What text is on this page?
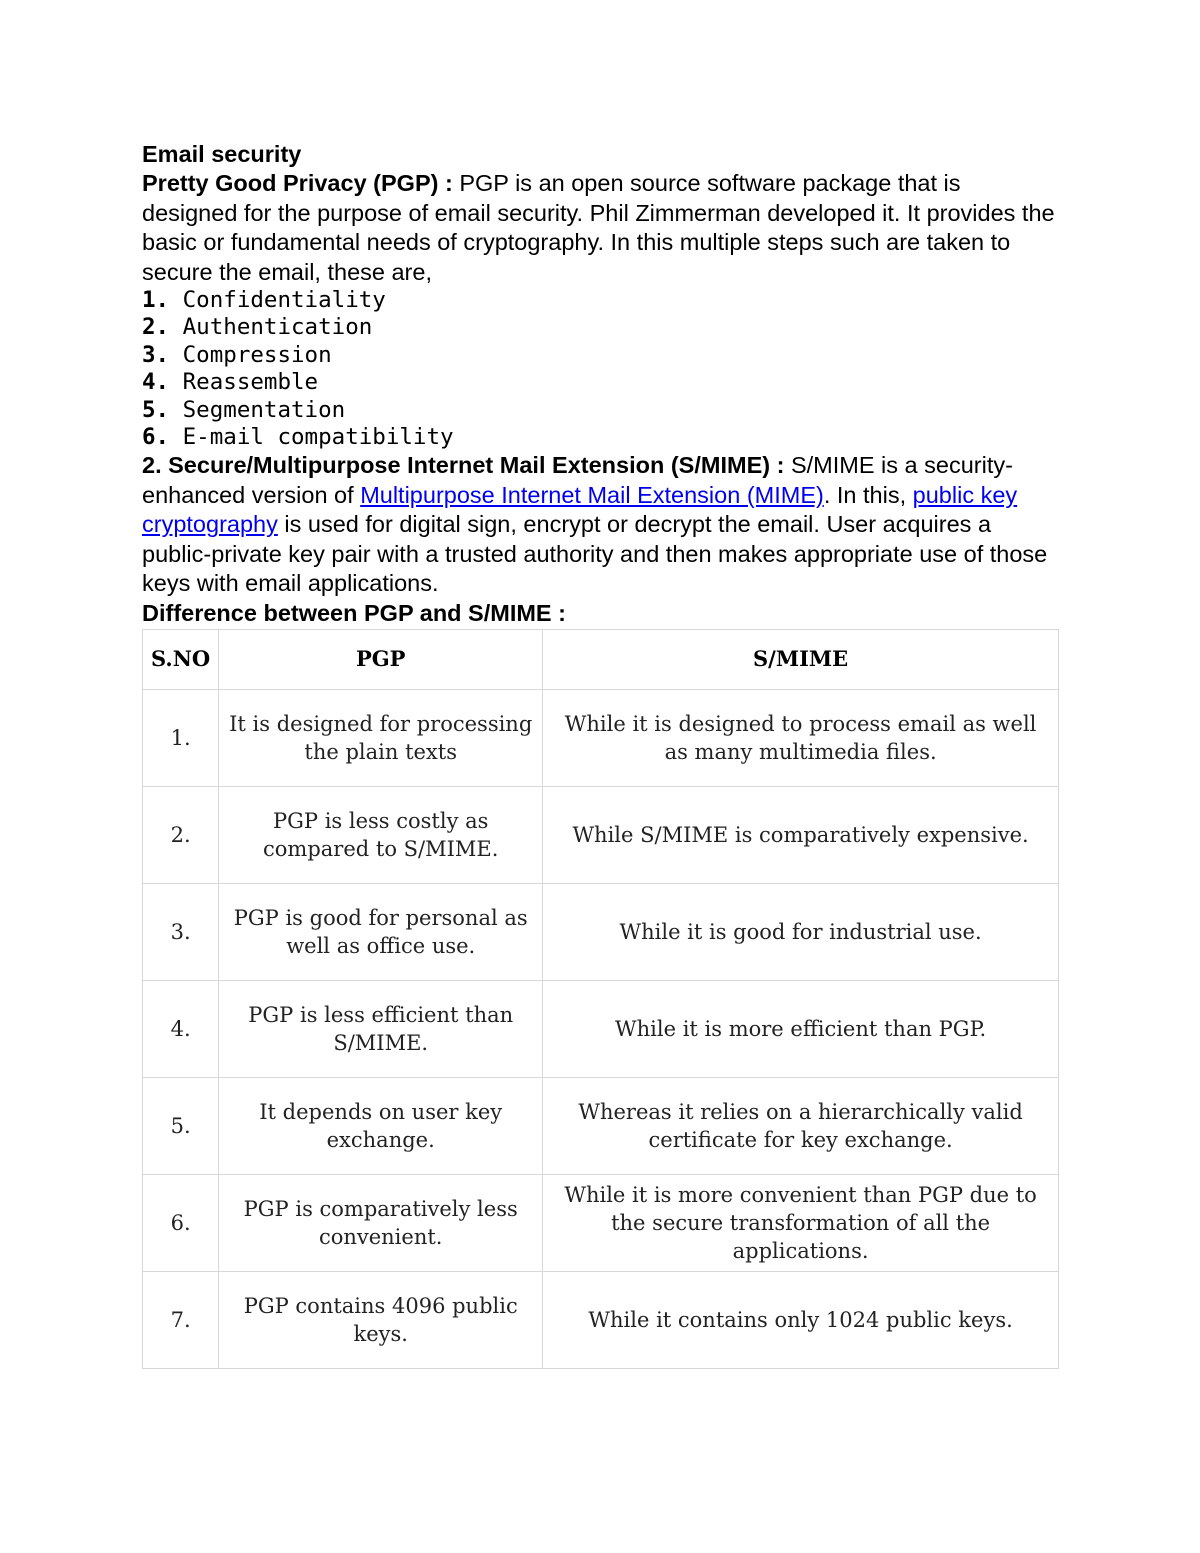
Email security

Pretty Good Privacy (PGP) : PGP is an open source software package that is designed for the purpose of email security. Phil Zimmerman developed it. It provides the basic or fundamental needs of cryptography. In this multiple steps such are taken to secure the email, these are,

1. Confidentiality
2. Authentication
3. Compression
4. Reassemble
5. Segmentation
6. E-mail compatibility

2. Secure/Multipurpose Internet Mail Extension (S/MIME) : S/MIME is a security-enhanced version of Multipurpose Internet Mail Extension (MIME). In this, public key cryptography is used for digital sign, encrypt or decrypt the email. User acquires a public-private key pair with a trusted authority and then makes appropriate use of those keys with email applications.

Difference between PGP and S/MIME :
S.NO	PGP	S/MIME
1.	It is designed for processing the plain texts	While it is designed to process email as well as many multimedia files.
2.	PGP is less costly as compared to S/MIME.	While S/MIME is comparatively expensive.
3.	PGP is good for personal as well as office use.	While it is good for industrial use.
4.	PGP is less efficient than S/MIME.	While it is more efficient than PGP.
5.	It depends on user key exchange.	Whereas it relies on a hierarchically valid certificate for key exchange.
6.	PGP is comparatively less convenient.	While it is more convenient than PGP due to the secure transformation of all the applications.
7.	PGP contains 4096 public keys.	While it contains only 1024 public keys.
